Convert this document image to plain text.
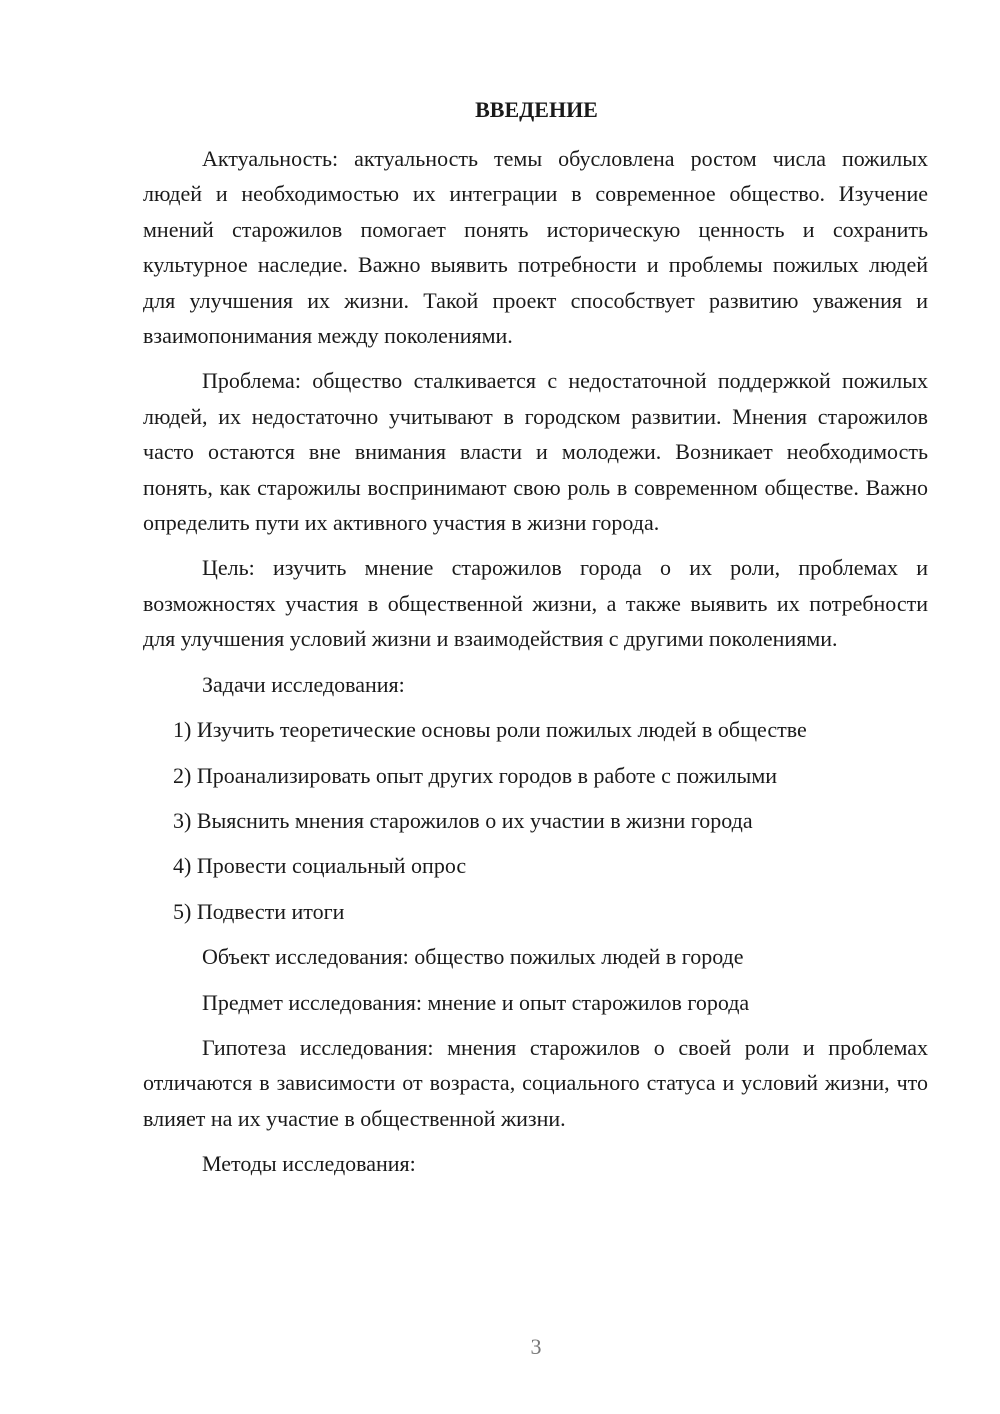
ВВЕДЕНИЕ

Актуальность: актуальность темы обусловлена ростом числа пожилых людей и необходимостью их интеграции в современное общество. Изучение мнений старожилов помогает понять историческую ценность и сохранить культурное наследие. Важно выявить потребности и проблемы пожилых людей для улучшения их жизни. Такой проект способствует развитию уважения и взаимопонимания между поколениями.

Проблема: общество сталкивается с недостаточной поддержкой пожилых людей, их недостаточно учитывают в городском развитии. Мнения старожилов часто остаются вне внимания власти и молодежи. Возникает необходимость понять, как старожилы воспринимают свою роль в современном обществе. Важно определить пути их активного участия в жизни города.

Цель: изучить мнение старожилов города о их роли, проблемах и возможностях участия в общественной жизни, а также выявить их потребности для улучшения условий жизни и взаимодействия с другими поколениями.

Задачи исследования:
1) Изучить теоретические основы роли пожилых людей в обществе
2) Проанализировать опыт других городов в работе с пожилыми
3) Выяснить мнения старожилов о их участии в жизни города
4) Провести социальный опрос
5) Подвести итоги
Объект исследования: общество пожилых людей в городе
Предмет исследования: мнение и опыт старожилов города

Гипотеза исследования: мнения старожилов о своей роли и проблемах отличаются в зависимости от возраста, социального статуса и условий жизни, что влияет на их участие в общественной жизни.

Методы исследования:
3
